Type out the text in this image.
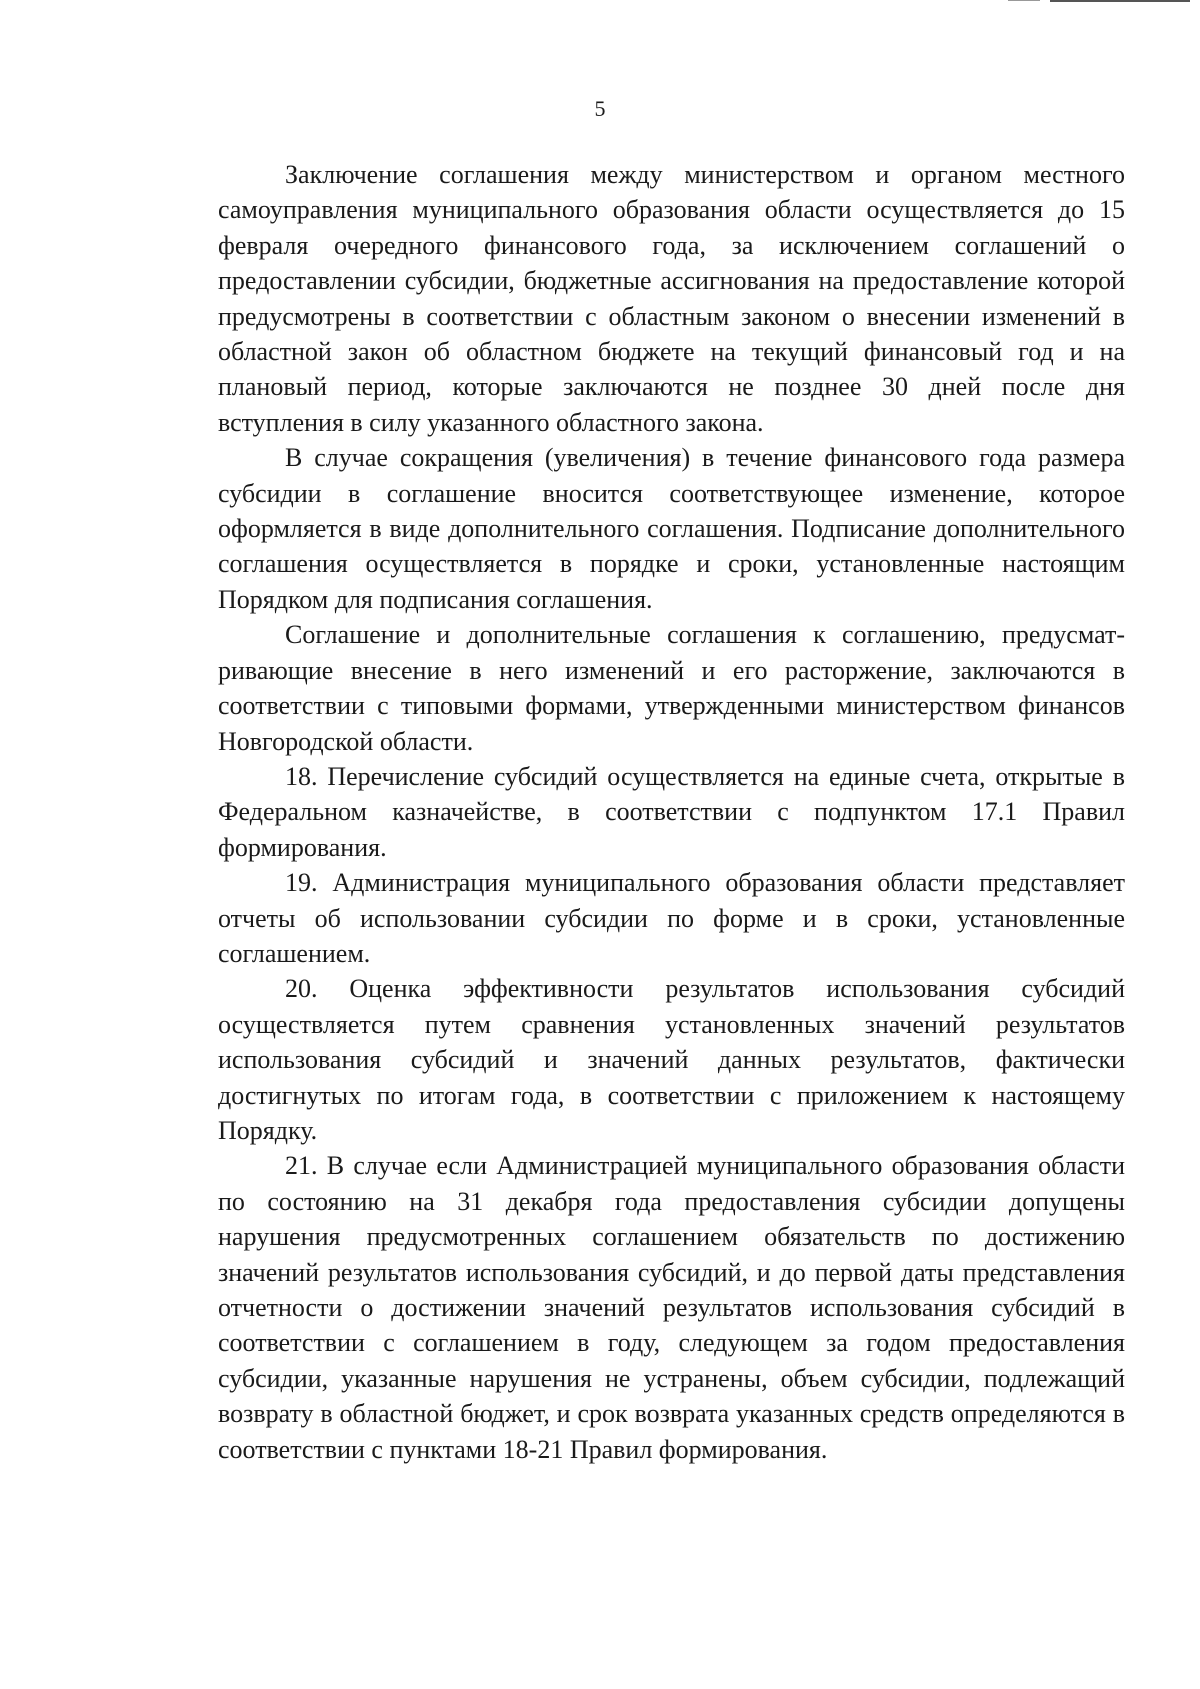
5

Заключение соглашения между министерством и органом местного самоуправления муниципального образования области осуществляется до 15 февраля очередного финансового года, за исключением соглашений о предоставлении субсидии, бюджетные ассигнования на предоставление которой предусмотрены в соответствии с областным законом о внесении изменений в областной закон об областном бюджете на текущий финансовый год и на плановый период, которые заключаются не позднее 30 дней после дня вступления в силу указанного областного закона.

В случае сокращения (увеличения) в течение финансового года размера субсидии в соглашение вносится соответствующее изменение, которое оформляется в виде дополнительного соглашения. Подписание дополнительного соглашения осуществляется в порядке и сроки, установленные настоящим Порядком для подписания соглашения.

Соглашение и дополнительные соглашения к соглашению, предусматривающие внесение в него изменений и его расторжение, заключаются в соответствии с типовыми формами, утвержденными министерством финансов Новгородской области.

18. Перечисление субсидий осуществляется на единые счета, открытые в Федеральном казначействе, в соответствии с подпунктом 17.1 Правил формирования.

19. Администрация муниципального образования области представляет отчеты об использовании субсидии по форме и в сроки, установленные соглашением.

20. Оценка эффективности результатов использования субсидий осуществляется путем сравнения установленных значений результатов использования субсидий и значений данных результатов, фактически достигнутых по итогам года, в соответствии с приложением к настоящему Порядку.

21. В случае если Администрацией муниципального образования области по состоянию на 31 декабря года предоставления субсидии допущены нарушения предусмотренных соглашением обязательств по достижению значений результатов использования субсидий, и до первой даты представления отчетности о достижении значений результатов использования субсидий в соответствии с соглашением в году, следующем за годом предоставления субсидии, указанные нарушения не устранены, объем субсидии, подлежащий возврату в областной бюджет, и срок возврата указанных средств определяются в соответствии с пунктами 18-21 Правил формирования.
